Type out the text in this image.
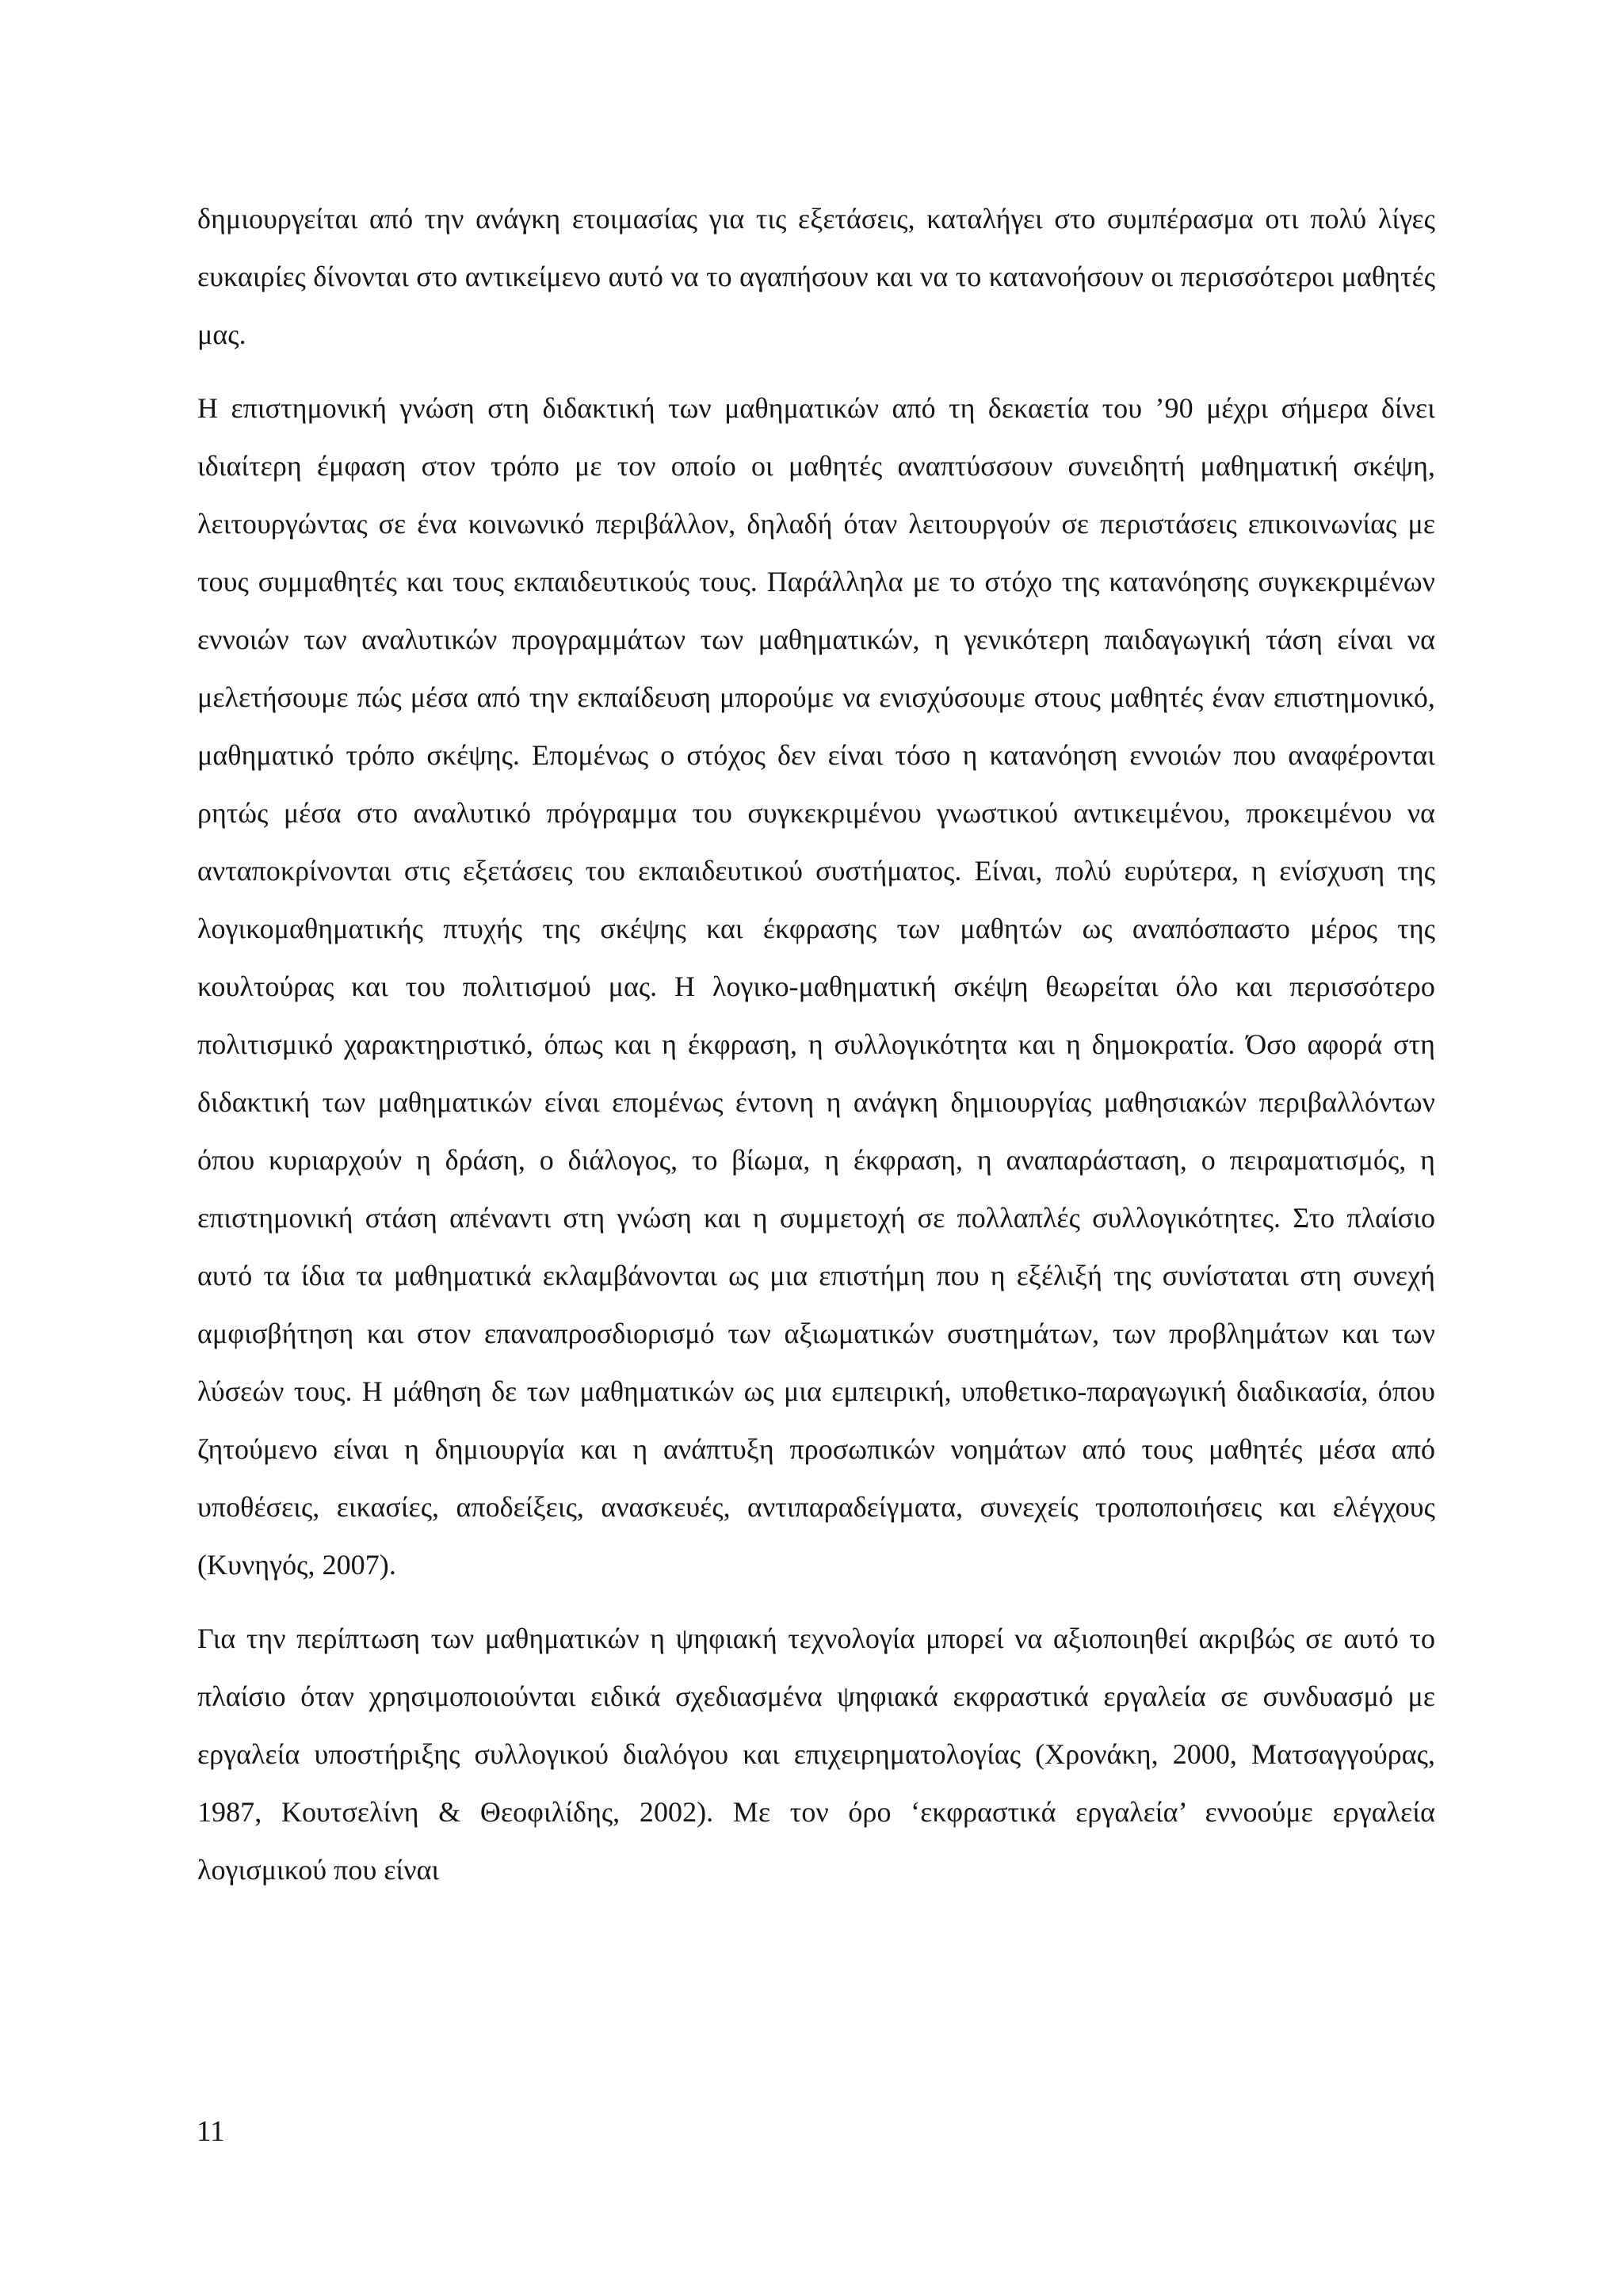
δημιουργείται από την ανάγκη ετοιμασίας για τις εξετάσεις, καταλήγει στο συμπέρασμα οτι πολύ λίγες ευκαιρίες δίνονται στο αντικείμενο αυτό να το αγαπήσουν και να το κατανοήσουν οι περισσότεροι μαθητές μας.

Η επιστημονική γνώση στη διδακτική των μαθηματικών από τη δεκαετία του ’90 μέχρι σήμερα δίνει ιδιαίτερη έμφαση στον τρόπο με τον οποίο οι μαθητές αναπτύσσουν συνειδητή μαθηματική σκέψη, λειτουργώντας σε ένα κοινωνικό περιβάλλον, δηλαδή όταν λειτουργούν σε περιστάσεις επικοινωνίας με τους συμμαθητές και τους εκπαιδευτικούς τους. Παράλληλα με το στόχο της κατανόησης συγκεκριμένων εννοιών των αναλυτικών προγραμμάτων των μαθηματικών, η γενικότερη παιδαγωγική τάση είναι να μελετήσουμε πώς μέσα από την εκπαίδευση μπορούμε να ενισχύσουμε στους μαθητές έναν επιστημονικό, μαθηματικό τρόπο σκέψης. Επομένως ο στόχος δεν είναι τόσο η κατανόηση εννοιών που αναφέρονται ρητώς μέσα στο αναλυτικό πρόγραμμα του συγκεκριμένου γνωστικού αντικειμένου, προκειμένου να ανταποκρίνονται στις εξετάσεις του εκπαιδευτικού συστήματος. Είναι, πολύ ευρύτερα, η ενίσχυση της λογικομαθηματικής πτυχής της σκέψης και έκφρασης των μαθητών ως αναπόσπαστο μέρος της κουλτούρας και του πολιτισμού μας. Η λογικο-μαθηματική σκέψη θεωρείται όλο και περισσότερο πολιτισμικό χαρακτηριστικό, όπως και η έκφραση, η συλλογικότητα και η δημοκρατία. Όσο αφορά στη διδακτική των μαθηματικών είναι επομένως έντονη η ανάγκη δημιουργίας μαθησιακών περιβαλλόντων όπου κυριαρχούν η δράση, ο διάλογος, το βίωμα, η έκφραση, η αναπαράσταση, ο πειραματισμός, η επιστημονική στάση απέναντι στη γνώση και η συμμετοχή σε πολλαπλές συλλογικότητες. Στο πλαίσιο αυτό τα ίδια τα μαθηματικά εκλαμβάνονται ως μια επιστήμη που η εξέλιξή της συνίσταται στη συνεχή αμφισβήτηση και στον επαναπροσδιορισμό των αξιωματικών συστημάτων, των προβλημάτων και των λύσεών τους. Η μάθηση δε των μαθηματικών ως μια εμπειρική, υποθετικο-παραγωγική διαδικασία, όπου ζητούμενο είναι η δημιουργία και η ανάπτυξη προσωπικών νοημάτων από τους μαθητές μέσα από υποθέσεις, εικασίες, αποδείξεις, ανασκευές, αντιπαραδείγματα, συνεχείς τροποποιήσεις και ελέγχους (Κυνηγός, 2007).

Για την περίπτωση των μαθηματικών η ψηφιακή τεχνολογία μπορεί να αξιοποιηθεί ακριβώς σε αυτό το πλαίσιο όταν χρησιμοποιούνται ειδικά σχεδιασμένα ψηφιακά εκφραστικά εργαλεία σε συνδυασμό με εργαλεία υποστήριξης συλλογικού διαλόγου και επιχειρηματολογίας (Χρονάκη, 2000, Ματσαγγούρας, 1987, Κουτσελίνη & Θεοφιλίδης, 2002). Με τον όρο ‘εκφραστικά εργαλεία’ εννοούμε εργαλεία λογισμικού που είναι

11
